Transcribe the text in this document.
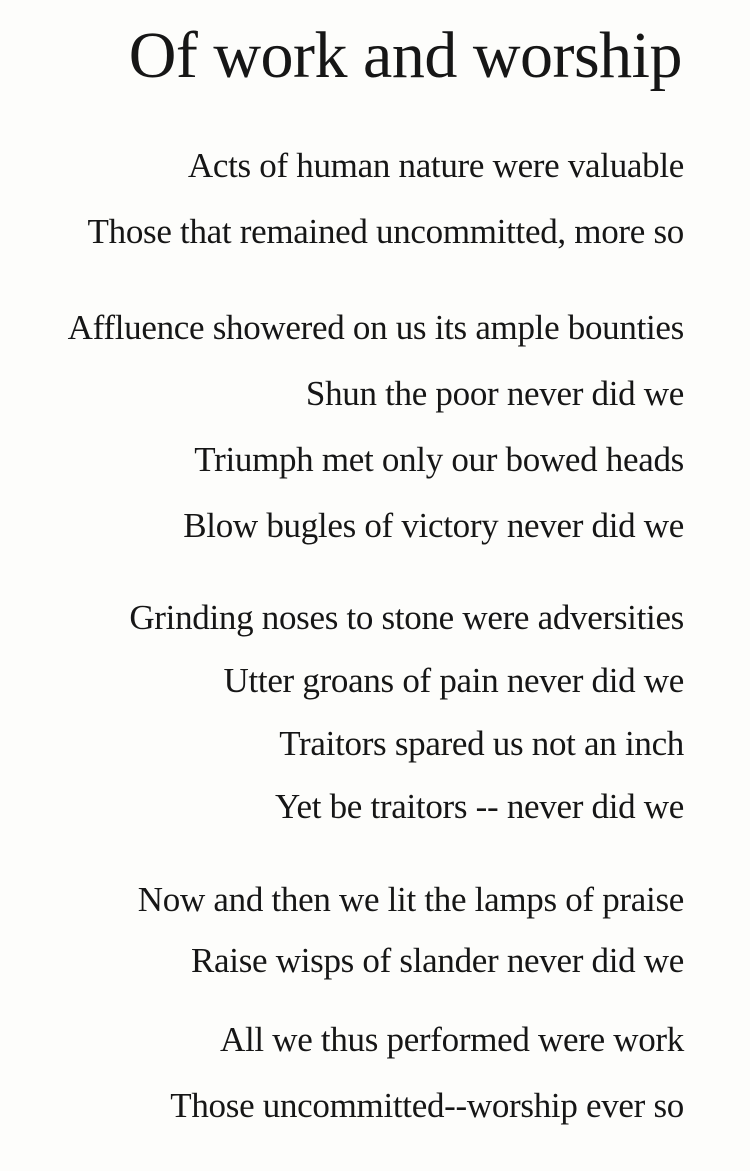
Of work and worship

Acts of human nature were valuable

Those that remained uncommitted, more so

Affluence showered on us its ample bounties

Shun the poor never did we

Triumph met only our bowed heads

Blow bugles of victory never did we

Grinding noses to stone were adversities

Utter groans of pain never did we

Traitors spared us not an inch

Yet be traitors -- never did we

Now and then we lit the lamps of praise

Raise wisps of slander never did we

All we thus performed were work

Those uncommitted--worship ever so
